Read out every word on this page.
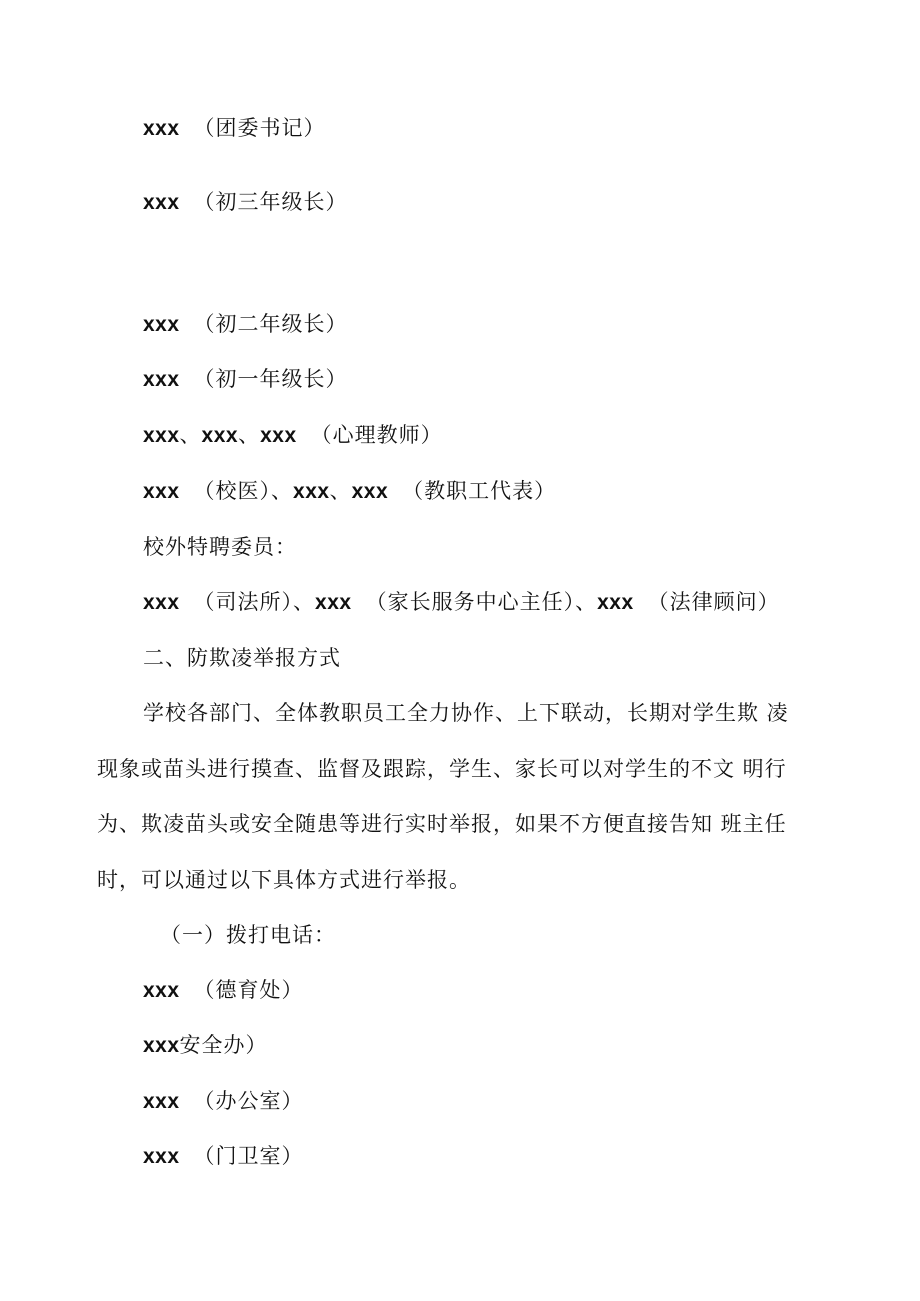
xxx （团委书记）
xxx （初三年级长）
xxx （初二年级长）
xxx （初一年级长）
xxx、xxx、xxx （心理教师）
xxx （校医）、xxx、xxx （教职工代表）
校外特聘委员：
xxx （司法所）、xxx （家长服务中心主任）、xxx （法律顾问）
二、防欺凌举报方式
学校各部门、全体教职员工全力协作、上下联动，长期对学生欺 凌
现象或苗头进行摸查、监督及跟踪，学生、家长可以对学生的不文 明行
为、欺凌苗头或安全随患等进行实时举报，如果不方便直接告知 班主任
时，可以通过以下具体方式进行举报。
（一）拨打电话：
xxx （德育处）
xxx安全办）
xxx （办公室）
xxx （门卫室）
